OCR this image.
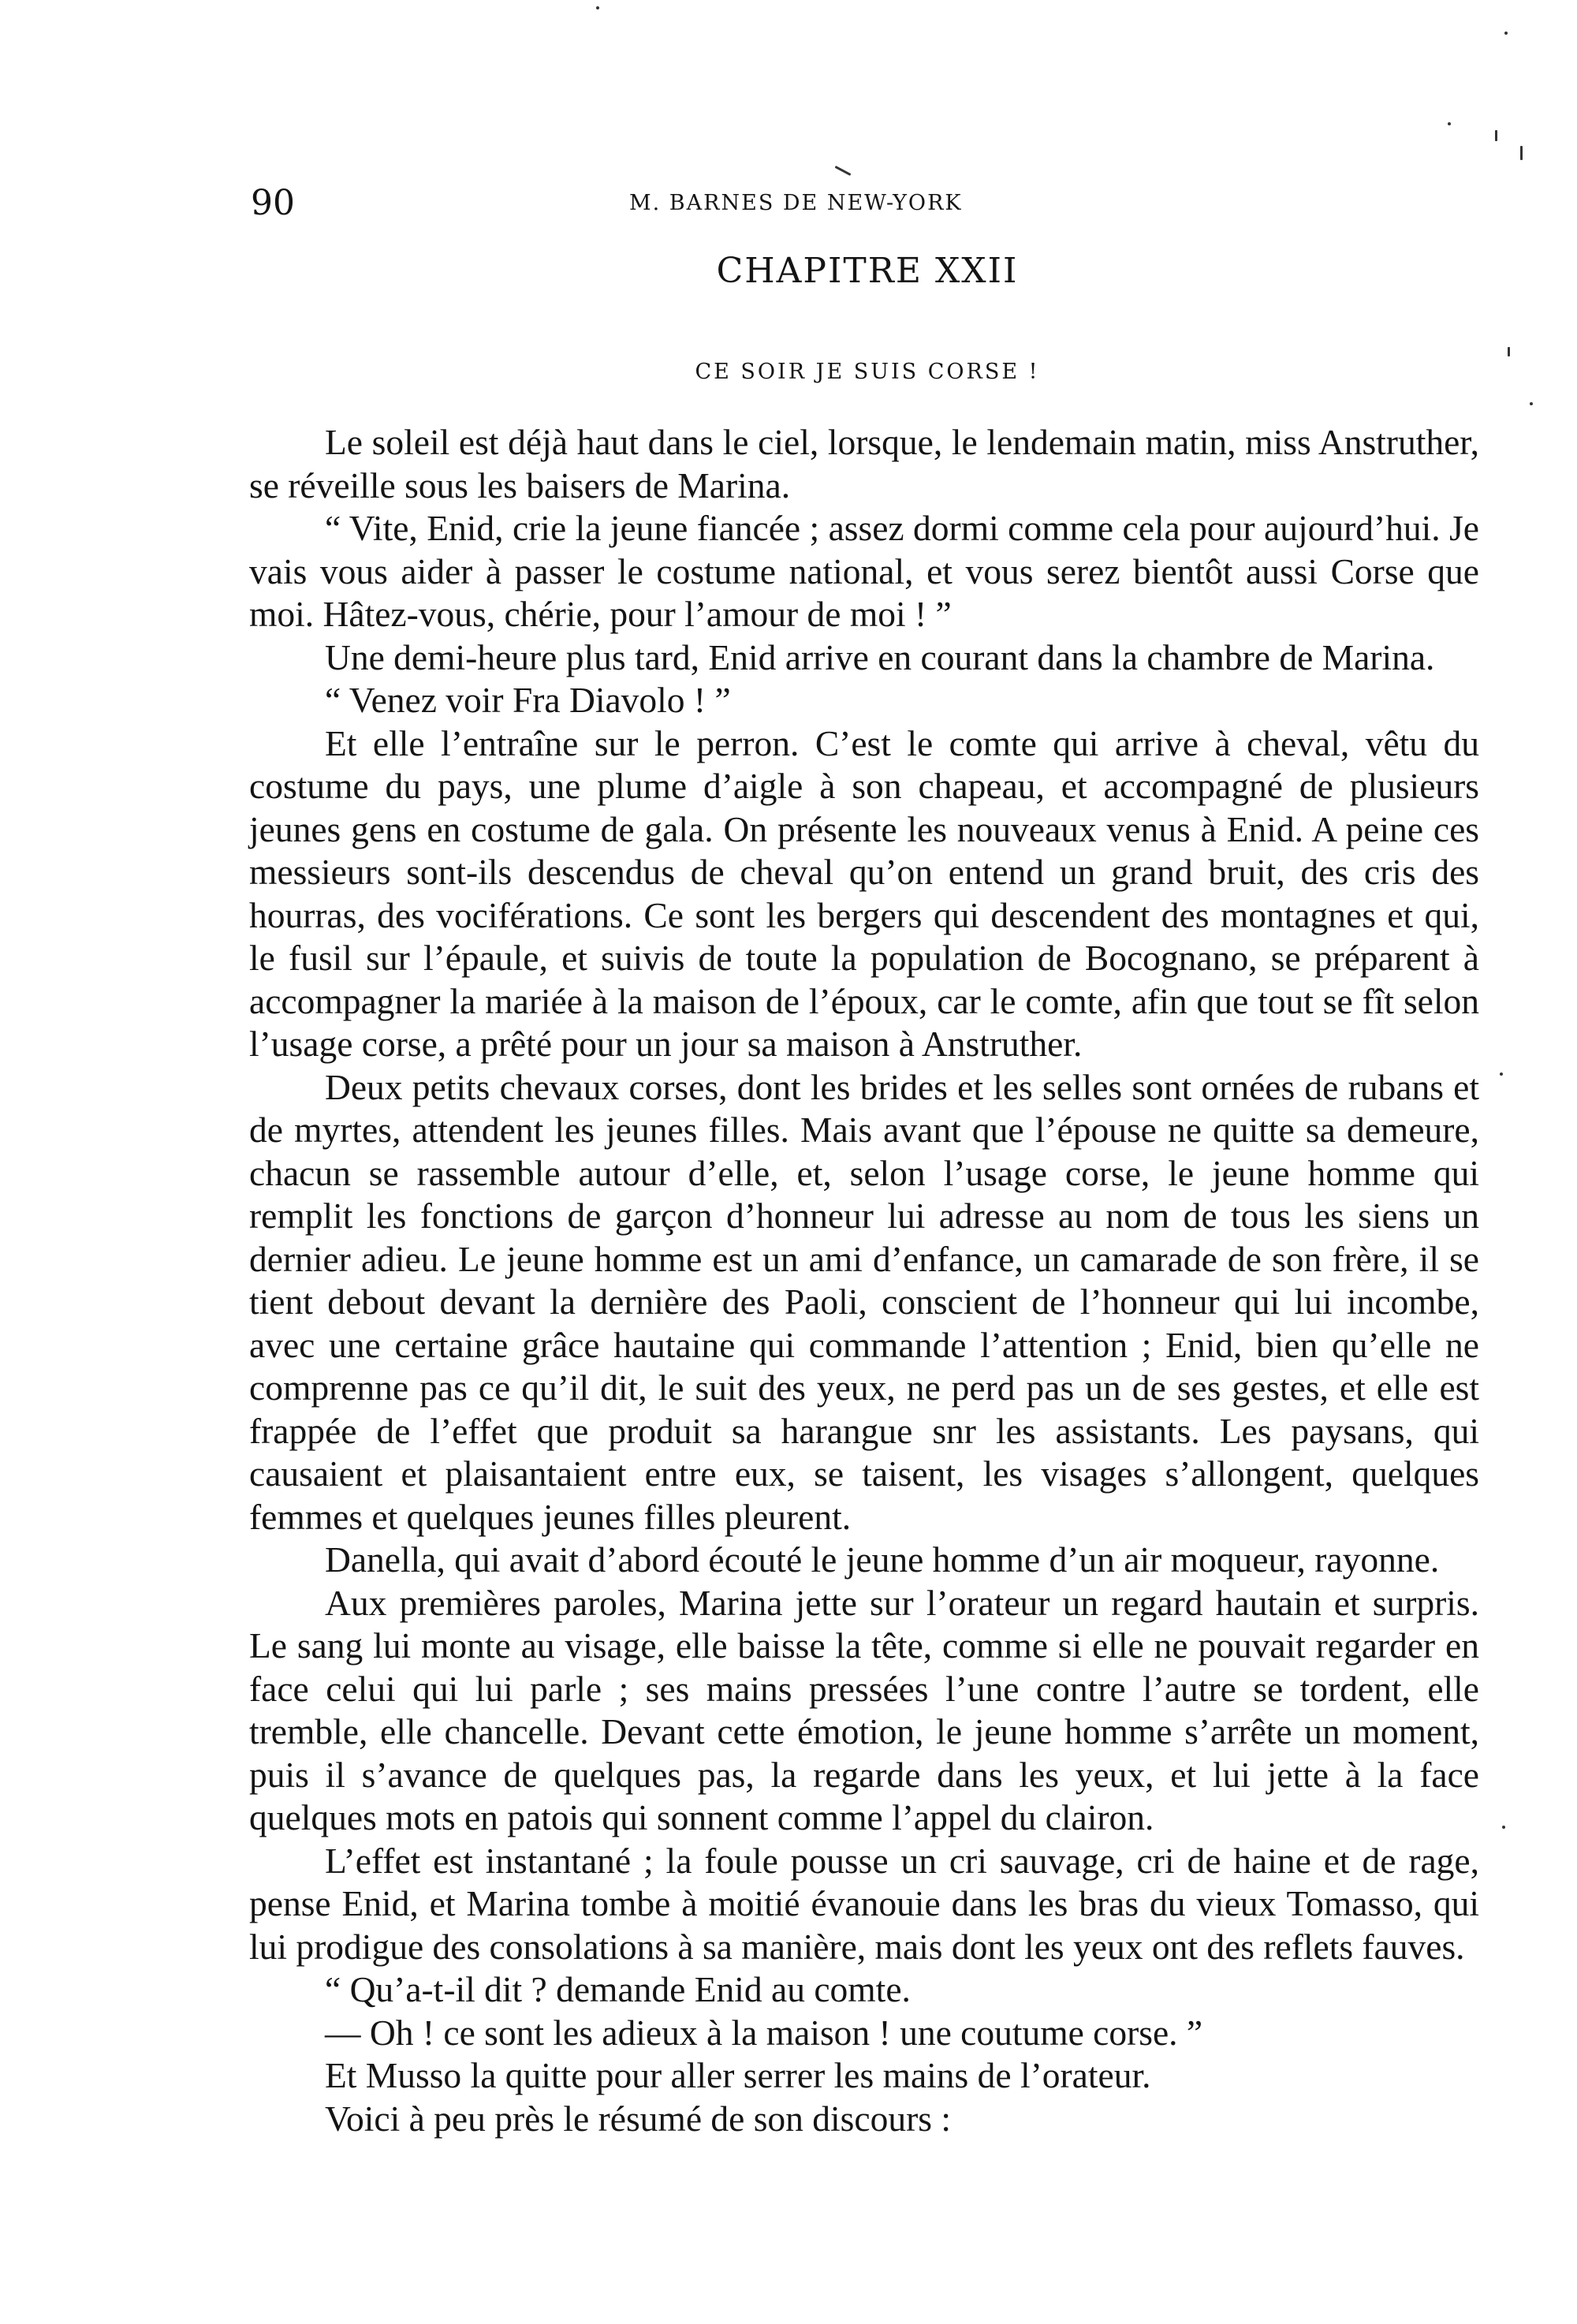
90	M. BARNES DE NEW-YORK
CHAPITRE XXII
CE SOIR JE SUIS CORSE !

Le soleil est déjà haut dans le ciel, lorsque, le lendemain matin, miss Anstruther, se réveille sous les baisers de Marina.

“ Vite, Enid, crie la jeune fiancée ; assez dormi comme cela pour aujourd’hui. Je vais vous aider à passer le costume national, et vous serez bientôt aussi Corse que moi. Hâtez-vous, chérie, pour l’amour de moi ! ”

Une demi-heure plus tard, Enid arrive en courant dans la chambre de Marina.

“ Venez voir Fra Diavolo ! ”

Et elle l’entraîne sur le perron. C’est le comte qui arrive à cheval, vêtu du costume du pays, une plume d’aigle à son chapeau, et accompagné de plusieurs jeunes gens en costume de gala. On présente les nouveaux venus à Enid. A peine ces messieurs sont-ils descendus de cheval qu’on entend un grand bruit, des cris des hourras, des vociférations. Ce sont les bergers qui descendent des montagnes et qui, le fusil sur l’épaule, et suivis de toute la population de Bocognano, se préparent à accompagner la mariée à la maison de l’époux, car le comte, afin que tout se fît selon l’usage corse, a prêté pour un jour sa maison à Anstruther.

Deux petits chevaux corses, dont les brides et les selles sont ornées de rubans et de myrtes, attendent les jeunes filles. Mais avant que l’épouse ne quitte sa demeure, chacun se rassemble autour d’elle, et, selon l’usage corse, le jeune homme qui remplit les fonctions de garçon d’honneur lui adresse au nom de tous les siens un dernier adieu. Le jeune homme est un ami d’enfance, un camarade de son frère, il se tient debout devant la dernière des Paoli, conscient de l’honneur qui lui incombe, avec une certaine grâce hautaine qui commande l’attention ; Enid, bien qu’elle ne comprenne pas ce qu’il dit, le suit des yeux, ne perd pas un de ses gestes, et elle est frappée de l’effet que produit sa harangue snr les assistants. Les paysans, qui causaient et plaisantaient entre eux, se taisent, les visages s’allongent, quelques femmes et quelques jeunes filles pleurent.

Danella, qui avait d’abord écouté le jeune homme d’un air moqueur, rayonne.

Aux premières paroles, Marina jette sur l’orateur un regard hautain et surpris. Le sang lui monte au visage, elle baisse la tête, comme si elle ne pouvait regarder en face celui qui lui parle ; ses mains pressées l’une contre l’autre se tordent, elle tremble, elle chancelle. Devant cette émotion, le jeune homme s’arrête un moment, puis il s’avance de quelques pas, la regarde dans les yeux, et lui jette à la face quelques mots en patois qui sonnent comme l’appel du clairon.

L’effet est instantané ; la foule pousse un cri sauvage, cri de haine et de rage, pense Enid, et Marina tombe à moitié évanouie dans les bras du vieux Tomasso, qui lui prodigue des consolations à sa manière, mais dont les yeux ont des reflets fauves.

“ Qu’a-t-il dit ? demande Enid au comte.

— Oh ! ce sont les adieux à la maison ! une coutume corse. ”

Et Musso la quitte pour aller serrer les mains de l’orateur.

Voici à peu près le résumé de son discours :
